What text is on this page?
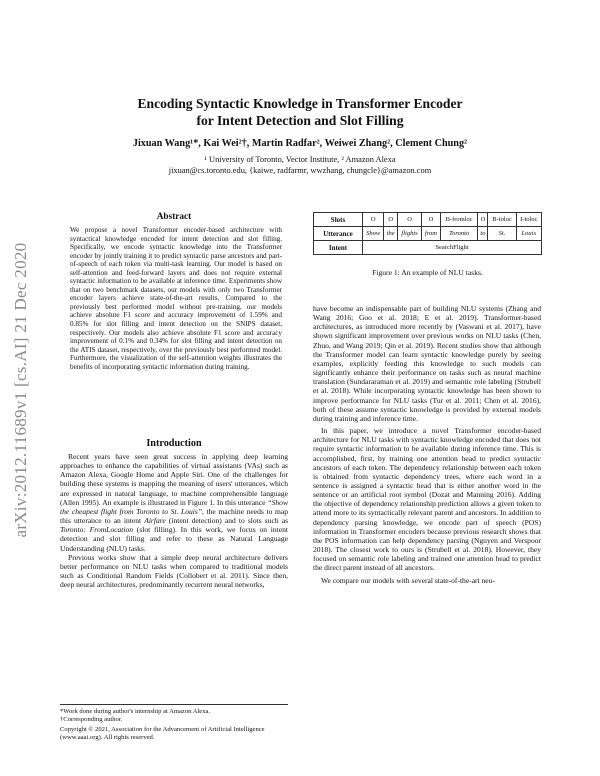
arXiv:2012.11689v1 [cs.AI] 21 Dec 2020
Encoding Syntactic Knowledge in Transformer Encoder
for Intent Detection and Slot Filling
Jixuan Wang¹*, Kai Wei²†, Martin Radfar², Weiwei Zhang², Clement Chung²
¹ University of Toronto, Vector Institute, ² Amazon Alexa
jixuan@cs.toronto.edu, {kaiwe, radfarmr, wwzhang, chungcle}@amazon.com
Abstract
We propose a novel Transformer encoder-based architecture with syntactical knowledge encoded for intent detection and slot filling. Specifically, we encode syntactic knowledge into the Transformer encoder by jointly training it to predict syntactic parse ancestors and part-of-speech of each token via multi-task learning. Our model is based on self-attention and feed-forward layers and does not require external syntactic information to be available at inference time. Experiments show that on two benchmark datasets, our models with only two Transformer encoder layers achieve state-of-the-art results. Compared to the previously best performed model without pre-training, our models achieve absolute F1 score and accuracy improvement of 1.59% and 0.85% for slot filling and intent detection on the SNIPS dataset, respectively. Our models also achieve absolute F1 score and accuracy improvement of 0.1% and 0.34% for slot filling and intent detection on the ATIS dataset, respectively, over the previously best performed model. Furthermore, the visualization of the self-attention weights illustrates the benefits of incorporating syntactic information during training.
Introduction

Recent years have seen great success in applying deep learning approaches to enhance the capabilities of virtual assistants (VAs) such as Amazon Alexa, Google Home and Apple Siri. One of the challenges for building these systems is mapping the meaning of users' utterances, which are expressed in natural language, to machine comprehensible language (Allen 1995). An example is illustrated in Figure 1. In this utterance “Show the cheapest flight from Toronto to St. Louis”, the machine needs to map this utterance to an intent Airfare (intent detection) and to slots such as Toronto: FromLocation (slot filling). In this work, we focus on intent detection and slot filling and refer to these as Natural Language Understanding (NLU) tasks.

Previous works show that a simple deep neural architecture delivers better performance on NLU tasks when compared to traditional models such as Conditional Random Fields (Collobert et al. 2011). Since then, deep neural architectures, predominantly recurrent neural networks,

*Work done during author's internship at Amazon Alexa.
†Corresponding author.
Copyright © 2021, Association for the Advancement of Artificial Intelligence (www.aaai.org). All rights reserved.
Slots	O	O	O	O	B-fromloc	O	B-toloc	I-toloc
Utterance	Show	the	flights	from	Toronto	to	St.	Louis
Intent	SearchFlight							
Figure 1: An example of NLU tasks.

have become an indispensable part of building NLU systems (Zhang and Wang 2016; Goo et al. 2018; E et al. 2019). Transformer-based architectures, as introduced more recently by (Vaswani et al. 2017), have shown significant improvement over previous works on NLU tasks (Chen, Zhuo, and Wang 2019; Qin et al. 2019). Recent studies show that although the Transformer model can learn syntactic knowledge purely by seeing examples, explicitly feeding this knowledge to such models can significantly enhance their performance on tasks such as neural machine translation (Sundararaman et al. 2019) and semantic role labeling (Strubell et al. 2018). While incorporating syntactic knowledge has been shown to improve performance for NLU tasks (Tur et al. 2011; Chen et al. 2016), both of these assume syntactic knowledge is provided by external models during training and inference time.

In this paper, we introduce a novel Transformer encoder-based architecture for NLU tasks with syntactic knowledge encoded that does not require syntactic information to be available during inference time. This is accomplished, first, by training one attention head to predict syntactic ancestors of each token. The dependency relationship between each token is obtained from syntactic dependency trees, where each word in a sentence is assigned a syntactic head that is either another word in the sentence or an artificial root symbol (Dozat and Manning 2016). Adding the objective of dependency relationship prediction allows a given token to attend more to its syntactically relevant parent and ancestors. In addition to dependency parsing knowledge, we encode part of speech (POS) information in Transformer encoders because previous research shows that the POS information can help dependency parsing (Nguyen and Verspoor 2018). The closest work to ours is (Strubell et al. 2018). However, they focused on semantic role labeling and trained one attention head to predict the direct parent instead of all ancestors.

We compare our models with several state-of-the-art neu-
